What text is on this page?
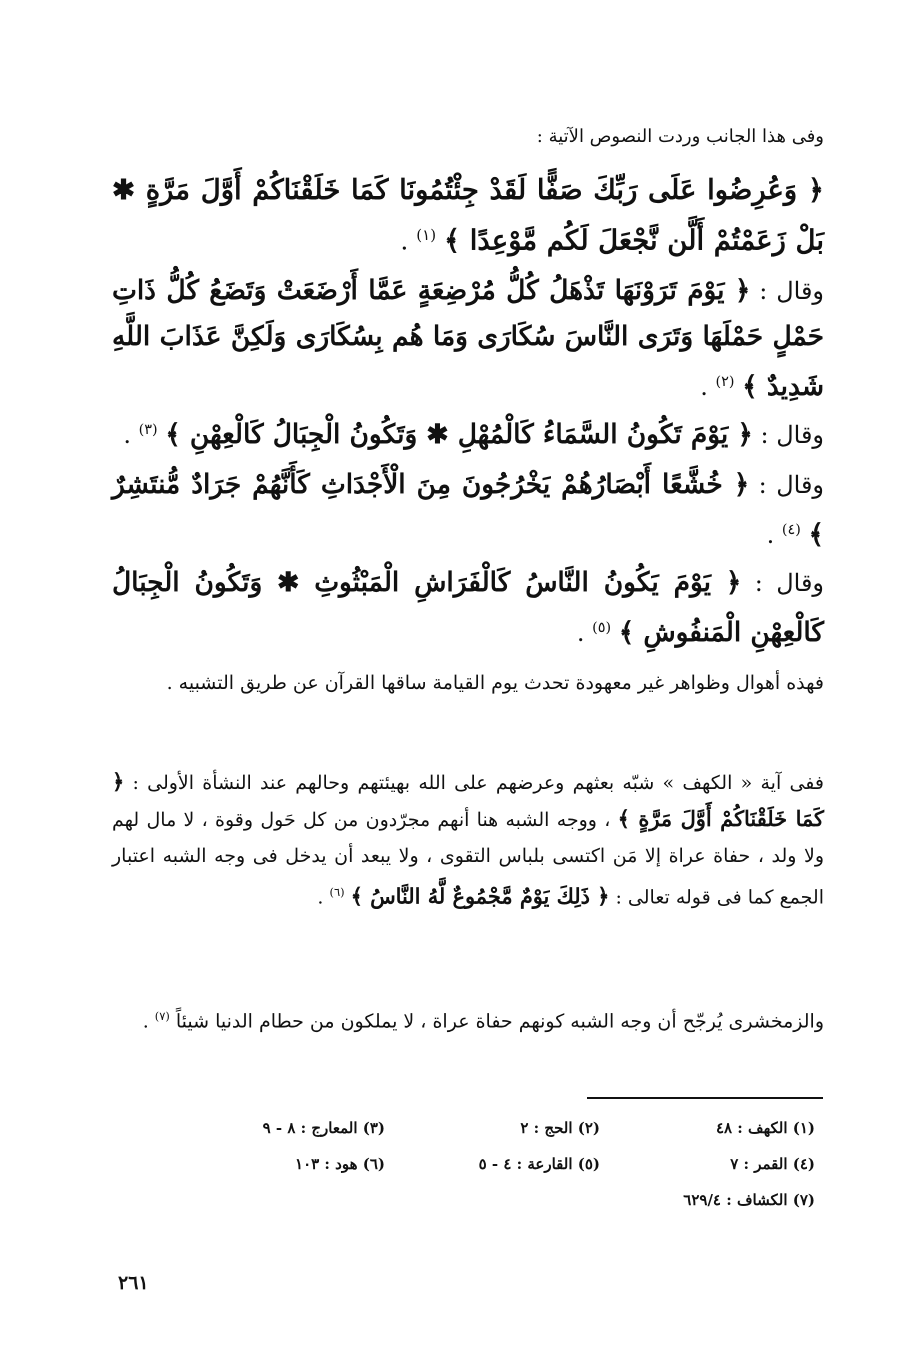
وفى هذا الجانب وردت النصوص الآتية :
﴿ وَعُرِضُوا عَلَى رَبِّكَ صَفًّا لَقَدْ جِئْتُمُونَا كَمَا خَلَقْنَاكُمْ أَوَّلَ مَرَّةٍ ✱ بَلْ زَعَمْتُمْ أَلَّن نَّجْعَلَ لَكُم مَّوْعِدًا ﴾ $^{(١)}$ .
وقال : ﴿ يَوْمَ تَرَوْنَهَا تَذْهَلُ كُلُّ مُرْضِعَةٍ عَمَّا أَرْضَعَتْ وَتَضَعُ كُلُّ ذَاتِ حَمْلٍ حَمْلَهَا وَتَرَى النَّاسَ سُكَارَى وَمَا هُم بِسُكَارَى وَلَكِنَّ عَذَابَ اللَّهِ شَدِيدٌ ﴾ $^{(٢)}$ .
وقال : ﴿ يَوْمَ تَكُونُ السَّمَاءُ كَالْمُهْلِ ✱ وَتَكُونُ الْجِبَالُ كَالْعِهْنِ ﴾ $^{(٣)}$ .
وقال : ﴿ خُشَّعًا أَبْصَارُهُمْ يَخْرُجُونَ مِنَ الْأَجْدَاثِ كَأَنَّهُمْ جَرَادٌ مُّنتَشِرٌ ﴾ $^{(٤)}$ .
وقال : ﴿ يَوْمَ يَكُونُ النَّاسُ كَالْفَرَاشِ الْمَبْثُوثِ ✱ وَتَكُونُ الْجِبَالُ كَالْعِهْنِ الْمَنفُوشِ ﴾ $^{(٥)}$ .
فهذه أهوال وظواهر غير معهودة تحدث يوم القيامة ساقها القرآن عن طريق التشبيه .
ففى آية « الكهف » شبّه بعثهم وعرضهم على الله بهيئتهم وحالهم عند النشأة الأولى : ﴿ كَمَا خَلَقْنَاكُمْ أَوَّلَ مَرَّةٍ ﴾ ، ووجه الشبه هنا أنهم مجرّدون من كل حَول وقوة ، لا مال لهم ولا ولد ، حفاة عراة إلا مَن اكتسى بلباس التقوى ، ولا يبعد أن يدخل فى وجه الشبه اعتبار الجمع كما فى قوله تعالى : ﴿ ذَلِكَ يَوْمٌ مَّجْمُوعٌ لَّهُ النَّاسُ ﴾ $^{(٦)}$ .
والزمخشرى يُرجّح أن وجه الشبه كونهم حفاة عراة ، لا يملكون من حطام الدنيا شيئاً $^{(٧)}$ .
(١) الكهف : ٤٨
(٢) الحج : ٢
(٣) المعارج : ٨ - ٩
(٤) القمر : ٧
(٥) القارعة : ٤ - ٥
(٦) هود : ١٠٣
(٧) الكشاف : ٦٢٩/٤
٢٦١
